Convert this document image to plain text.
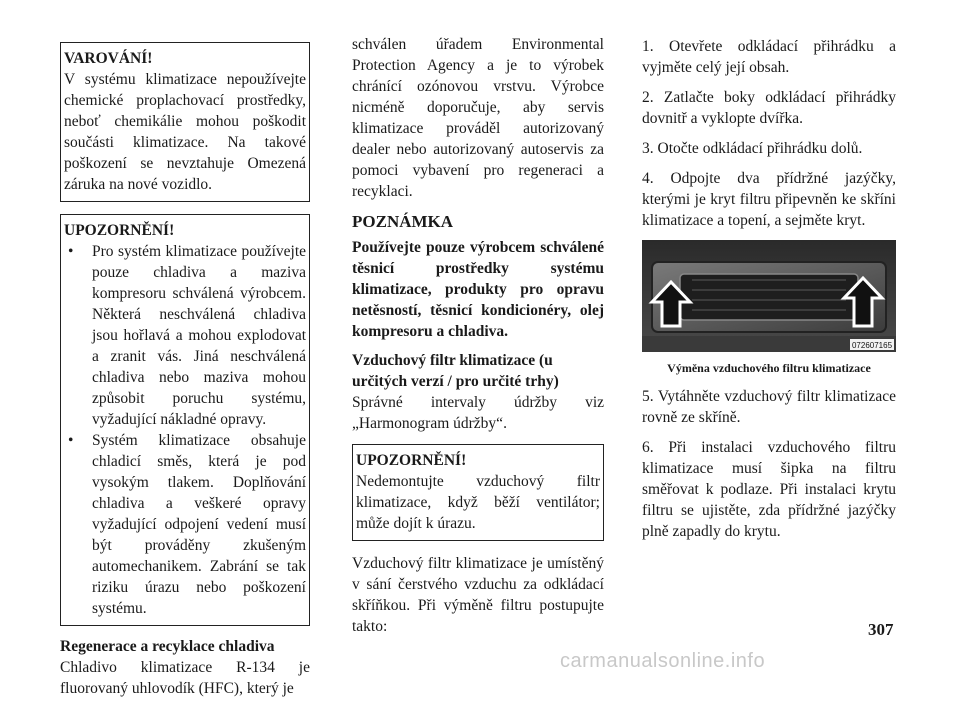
VAROVÁNÍ!
V systému klimatizace nepoužívejte chemické proplachovací prostředky, neboť chemikálie mohou poškodit součásti klimatizace. Na takové poškození se nevztahuje Omezená záruka na nové vozidlo.
UPOZORNĚNÍ!
• Pro systém klimatizace používejte pouze chladiva a maziva kompresoru schválená výrobcem. Některá neschválená chladiva jsou hořlavá a mohou explodovat a zranit vás. Jiná neschválená chladiva nebo maziva mohou způsobit poruchu systému, vyžadující nákladné opravy.
• Systém klimatizace obsahuje chladicí směs, která je pod vysokým tlakem. Doplňování chladiva a veškeré opravy vyžadující odpojení vedení musí být prováděny zkušeným automechanikem. Zabrání se tak riziku úrazu nebo poškození systému.
Regenerace a recyklace chladiva
Chladivo klimatizace R-134 je fluorovaný uhlovodík (HFC), který je
schválen úřadem Environmental Protection Agency a je to výrobek chránící ozónovou vrstvu. Výrobce nicméně doporučuje, aby servis klimatizace prováděl autorizovaný dealer nebo autorizovaný autoservis za pomoci vybavení pro regeneraci a recyklaci.
POZNÁMKA
Používejte pouze výrobcem schválené těsnicí prostředky systému klimatizace, produkty pro opravu netěsností, těsnicí kondicionéry, olej kompresoru a chladiva.
Vzduchový filtr klimatizace (u
určitých verzí / pro určité trhy)
Správné intervaly údržby viz „Harmonogram údržby“.
UPOZORNĚNÍ!
Nedemontujte vzduchový filtr klimatizace, když běží ventilátor; může dojít k úrazu.
Vzduchový filtr klimatizace je umístěný v sání čerstvého vzduchu za odkládací skříňkou. Při výměně filtru postupujte takto:
1. Otevřete odkládací přihrádku a vyjměte celý její obsah.
2. Zatlačte boky odkládací přihrádky dovnitř a vyklopte dvířka.
3. Otočte odkládací přihrádku dolů.
4. Odpojte dva přídržné jazýčky, kterými je kryt filtru připevněn ke skříni klimatizace a topení, a sejměte kryt.
072607165
Výměna vzduchového filtru klimatizace
5. Vytáhněte vzduchový filtr klimatizace rovně ze skříně.
6. Při instalaci vzduchového filtru klimatizace musí šipka na filtru směřovat k podlaze. Při instalaci krytu filtru se ujistěte, zda přídržné jazýčky plně zapadly do krytu.
307
carmanualsonline.info
